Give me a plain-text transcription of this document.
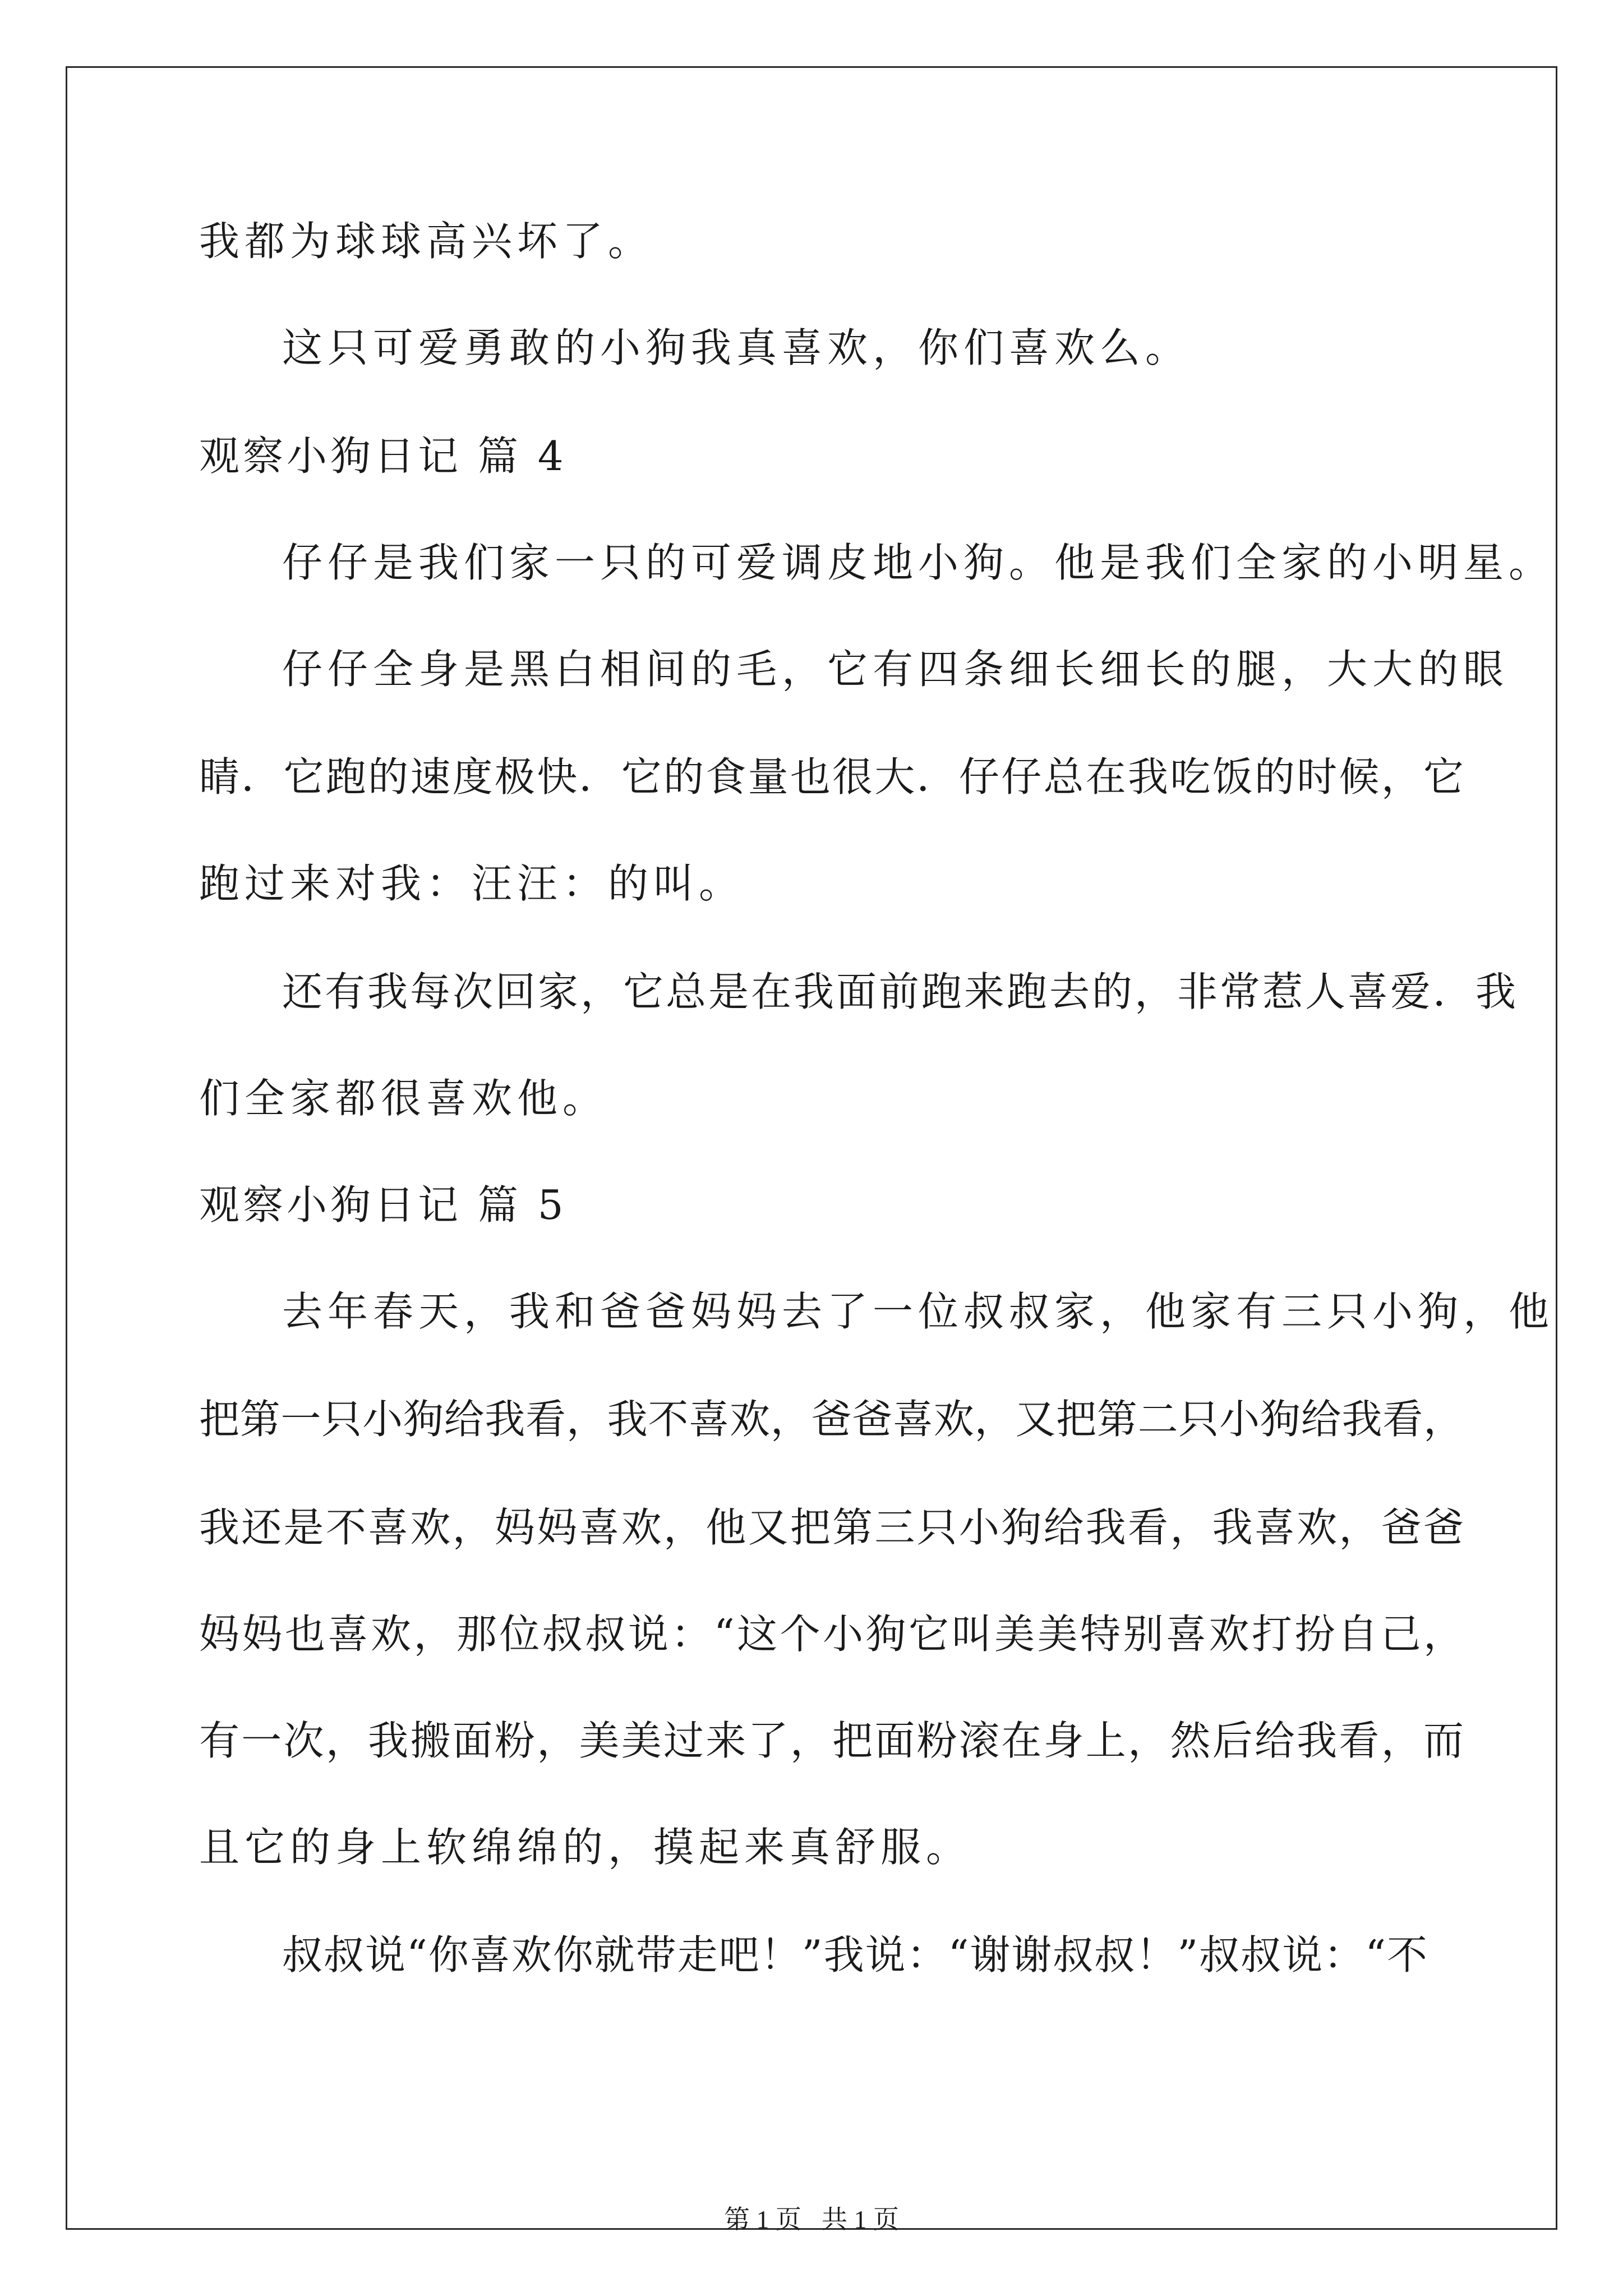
我都为球球高兴坏了。

这只可爱勇敢的小狗我真喜欢，你们喜欢么。

观察小狗日记 篇 4

仔仔是我们家一只的可爱调皮地小狗。他是我们全家的小明星。

仔仔全身是黑白相间的毛，它有四条细长细长的腿，大大的眼

睛．它跑的速度极快．它的食量也很大．仔仔总在我吃饭的时候，它

跑过来对我：汪汪：的叫。

还有我每次回家，它总是在我面前跑来跑去的，非常惹人喜爱．我

们全家都很喜欢他。

观察小狗日记 篇 5

去年春天，我和爸爸妈妈去了一位叔叔家，他家有三只小狗，他

把第一只小狗给我看，我不喜欢，爸爸喜欢，又把第二只小狗给我看，

我还是不喜欢，妈妈喜欢，他又把第三只小狗给我看，我喜欢，爸爸

妈妈也喜欢，那位叔叔说：“这个小狗它叫美美特别喜欢打扮自己，

有一次，我搬面粉，美美过来了，把面粉滚在身上，然后给我看，而

且它的身上软绵绵的，摸起来真舒服。

叔叔说“你喜欢你就带走吧！”我说：“谢谢叔叔！”叔叔说：“不

第 1 页 共 1 页
